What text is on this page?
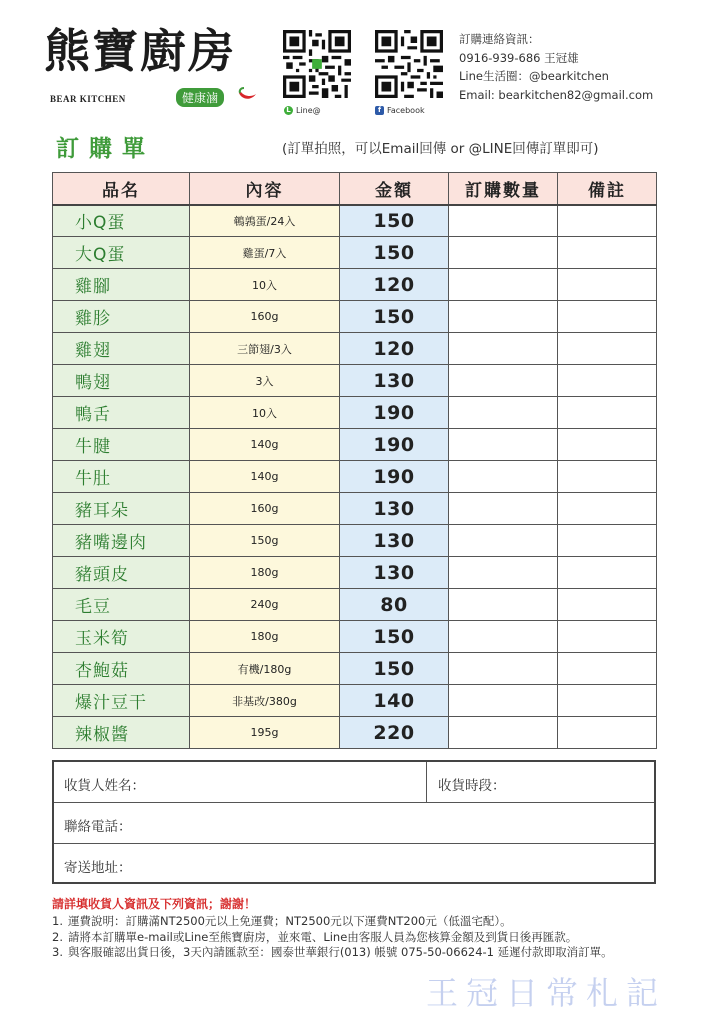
熊寶廚房
BEAR KITCHEN	健康滷
L Line@	f Facebook
訂購連絡資訊：
0916-939-686 王冠雄
Line生活圈：@bearkitchen
Email: bearkitchen82@gmail.com
訂購單	(訂單拍照，可以Email回傳 or @LINE回傳訂單即可)
品名	內容	金額	訂購數量	備註
小Q蛋	鵪鶉蛋/24入	150		
大Q蛋	雞蛋/7入	150		
雞腳	10入	120		
雞胗	160g	150		
雞翅	三節翅/3入	120		
鴨翅	3入	130		
鴨舌	10入	190		
牛腱	140g	190		
牛肚	140g	190		
豬耳朵	160g	130		
豬嘴邊肉	150g	130		
豬頭皮	180g	130		
毛豆	240g	80		
玉米筍	180g	150		
杏鮑菇	有機/180g	150		
爆汁豆干	非基改/380g	140		
辣椒醬	195g	220		
收貨人姓名：	收貨時段：
聯絡電話：
寄送地址：
請詳填收貨人資訊及下列資訊；謝謝！
1. 運費說明：訂購滿NT2500元以上免運費；NT2500元以下運費NT200元（低溫宅配）。
2. 請將本訂購單e-mail或Line至熊寶廚房，並來電、Line由客服人員為您核算金額及到貨日後再匯款。
3. 與客服確認出貨日後，3天內請匯款至：國泰世華銀行(013) 帳號 075-50-06624-1 延遲付款即取消訂單。
王冠日常札記
